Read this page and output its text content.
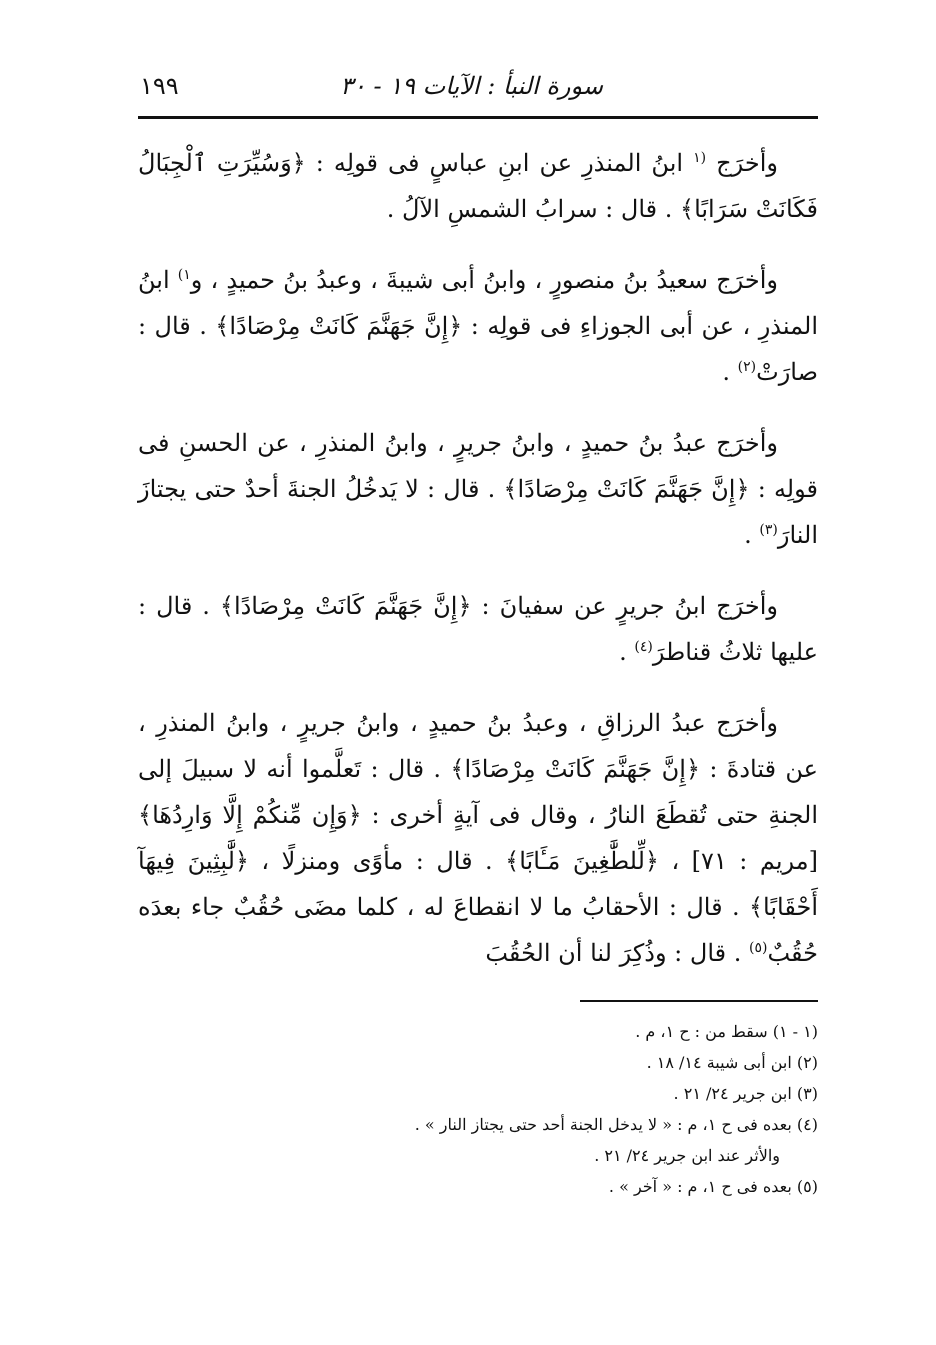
سورة النبأ : الآيات ١٩ - ٣٠
١٩٩

وأخرَج $^{(١}$ ابنُ المنذرِ عن ابنِ عباسٍ فى قولِه : ﴿وَسُيِّرَتِ ٱلْجِبَالُ فَكَانَتْ سَرَابًا﴾ . قال : سرابُ الشمسِ الآلُ .

وأخرَج سعيدُ بنُ منصورٍ ، وابنُ أبى شيبةَ ، وعبدُ بنُ حميدٍ ، و$^{١)}$ ابنُ المنذرِ ، عن أبى الجوزاءِ فى قولِه : ﴿إِنَّ جَهَنَّمَ كَانَتْ مِرْصَادًا﴾ . قال : صارَتْ$^{(٢)}$ .

وأخرَج عبدُ بنُ حميدٍ ، وابنُ جريرٍ ، وابنُ المنذرِ ، عن الحسنِ فى قولِه : ﴿إِنَّ جَهَنَّمَ كَانَتْ مِرْصَادًا﴾ . قال : لا يَدخُلُ الجنةَ أحدٌ حتى يجتازَ النارَ$^{(٣)}$ .

وأخرَج ابنُ جريرٍ عن سفيانَ : ﴿إِنَّ جَهَنَّمَ كَانَتْ مِرْصَادًا﴾ . قال : عليها ثلاثُ قناطرَ$^{(٤)}$ .

وأخرَج عبدُ الرزاقِ ، وعبدُ بنُ حميدٍ ، وابنُ جريرٍ ، وابنُ المنذرِ ، عن قتادةَ : ﴿إِنَّ جَهَنَّمَ كَانَتْ مِرْصَادًا﴾ . قال : تَعلَّموا أنه لا سبيلَ إلى الجنةِ حتى تُقطَعَ النارُ ، وقال فى آيةٍ أخرى : ﴿وَإِن مِّنكُمْ إِلَّا وَارِدُهَا﴾ [مريم : ٧١] ، ﴿لِّلطَّٰغِينَ مَـَٔابًا﴾ . قال : مأوًى ومنزلًا ، ﴿لَّٰبِثِينَ فِيهَآ أَحْقَابًا﴾ . قال : الأحقابُ ما لا انقطاعَ له ، كلما مضَى حُقُبٌ جاء بعدَه حُقُبٌ$^{(٥)}$ . قال : وذُكِرَ لنا أن الحُقُبَ

(١ - ١) سقط من : ح ١، م .

(٢) ابن أبى شيبة ١٤/ ١٨ .

(٣) ابن جرير ٢٤/ ٢١ .

(٤) بعده فى ح ١، م : « لا يدخل الجنة أحد حتى يجتاز النار » .

والأثر عند ابن جرير ٢٤/ ٢١ .

(٥) بعده فى ح ١، م : « آخر » .
